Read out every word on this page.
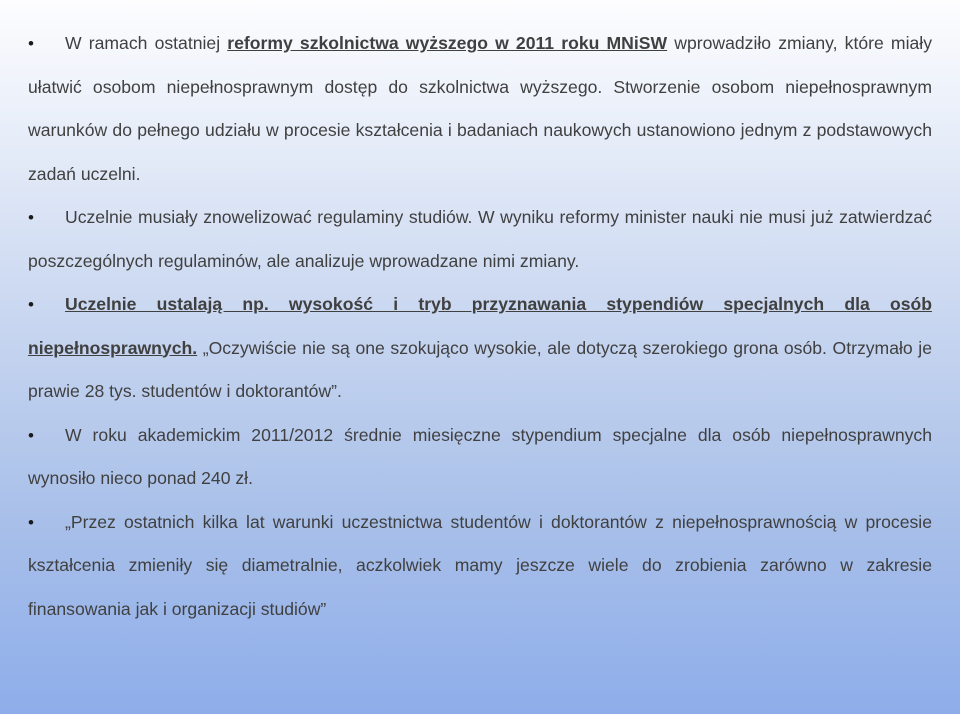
•	W ramach ostatniej reformy szkolnictwa wyższego w 2011 roku MNiSW wprowadziło zmiany, które miały ułatwić osobom niepełnosprawnym dostęp do szkolnictwa wyższego. Stworzenie osobom niepełnosprawnym warunków do pełnego udziału w procesie kształcenia i badaniach naukowych ustanowiono jednym z podstawowych zadań uczelni.

•	Uczelnie musiały znowelizować regulaminy studiów. W wyniku reformy minister nauki nie musi już zatwierdzać poszczególnych regulaminów, ale analizuje wprowadzane nimi zmiany.

•	Uczelnie ustalają np. wysokość i tryb przyznawania stypendiów specjalnych dla osób niepełnosprawnych. „Oczywiście nie są one szokująco wysokie, ale dotyczą szerokiego grona osób. Otrzymało je prawie 28 tys. studentów i doktorantów”.

•	W roku akademickim 2011/2012 średnie miesięczne stypendium specjalne dla osób niepełnosprawnych wynosiło nieco ponad 240 zł.

•	„Przez ostatnich kilka lat warunki uczestnictwa studentów i doktorantów z niepełnosprawnością w procesie kształcenia zmieniły się diametralnie, aczkolwiek mamy jeszcze wiele do zrobienia zarówno w zakresie finansowania jak i organizacji studiów”
